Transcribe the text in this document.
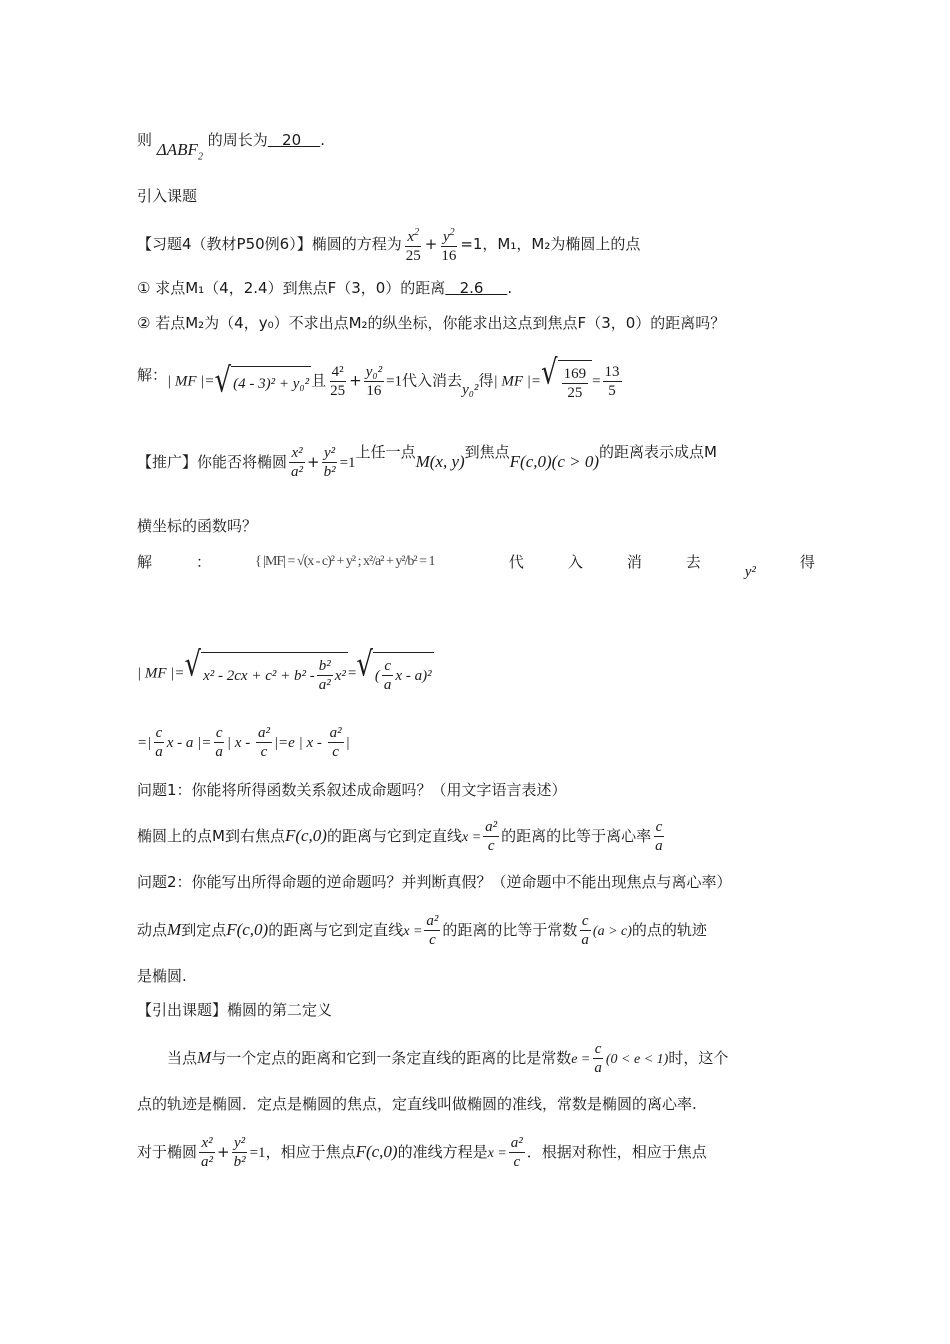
则 $\Delta ABF_2$ 的周长为 20 .
引入课题
【习题4（教材P50例6）】椭圆的方程为 $\frac{x^2}{25} + \frac{y^2}{16} =1$，M₁，M₂为椭圆上的点
① 求点M₁（4，2.4）到焦点F（3，0）的距离 2.6 .
② 若点M₂为（4，y₀）不求出点M₂的纵坐标，你能求出这点到焦点F（3，0）的距离吗？
解：| MF |= √ (4 - 3)² + y₀² 且 $\frac{\text{4²}}{25} + \frac{\text{y₀²}}{16} =1$代入消去y₀²得| MF |= √ $\frac{169}{25} = \frac{13}{5}$
【推广】你能否将椭圆 $\frac{\text{x²}}{\text{a²}} + \frac{\text{y²}}{\text{b²}} =1$上任一点M(x, y)到焦点F(c,0)(c > 0)的距离表示成点M
横坐标的函数吗？
解	：	{ |MF| = √(x - c)² + y² ; x²/a² + y²/b² = 1	代	入	消	去
y²
得
| MF |= √ $x^2 - 2cx + c^2 + b^2 - \frac{\text{b²}}{\text{a²}} x^2$ = √ ( $\frac{c}{a}$ x - a)²
=| $\frac{c}{a}$ x - a |= $\frac{c}{a}$ | $x - \frac{\text{a²}}{c} |=e$ | x - $\frac{\text{a²}}{c}$ |
问题1：你能将所得函数关系叙述成命题吗？（用文字语言表述）
椭圆上的点M到右焦点F(c,0)的距离与它到定直线$x = \frac{\text{a²}}{c}$ 的距离的比等于离心率 $\frac{c}{a}$
问题2：你能写出所得命题的逆命题吗？并判断真假？（逆命题中不能出现焦点与离心率）
动点M到定点F(c,0)的距离与它到定直线$x = \frac{\text{a²}}{c}$ 的距离的比等于常数 $\frac{c}{a} (a > c)$的点的轨迹
是椭圆.
【引出课题】椭圆的第二定义
当点M与一个定点的距离和它到一条定直线的距离的比是常数$e = \frac{c}{a} (0 < e < 1)$时，这个
点的轨迹是椭圆．定点是椭圆的焦点，定直线叫做椭圆的准线，常数是椭圆的离心率.
对于椭圆 $\frac{\text{x²}}{\text{a²}} + \frac{\text{y²}}{\text{b²}} =1$，相应于焦点F(c,0)的准线方程是$x = \frac{\text{a²}}{c}$ ．根据对称性，相应于焦点
